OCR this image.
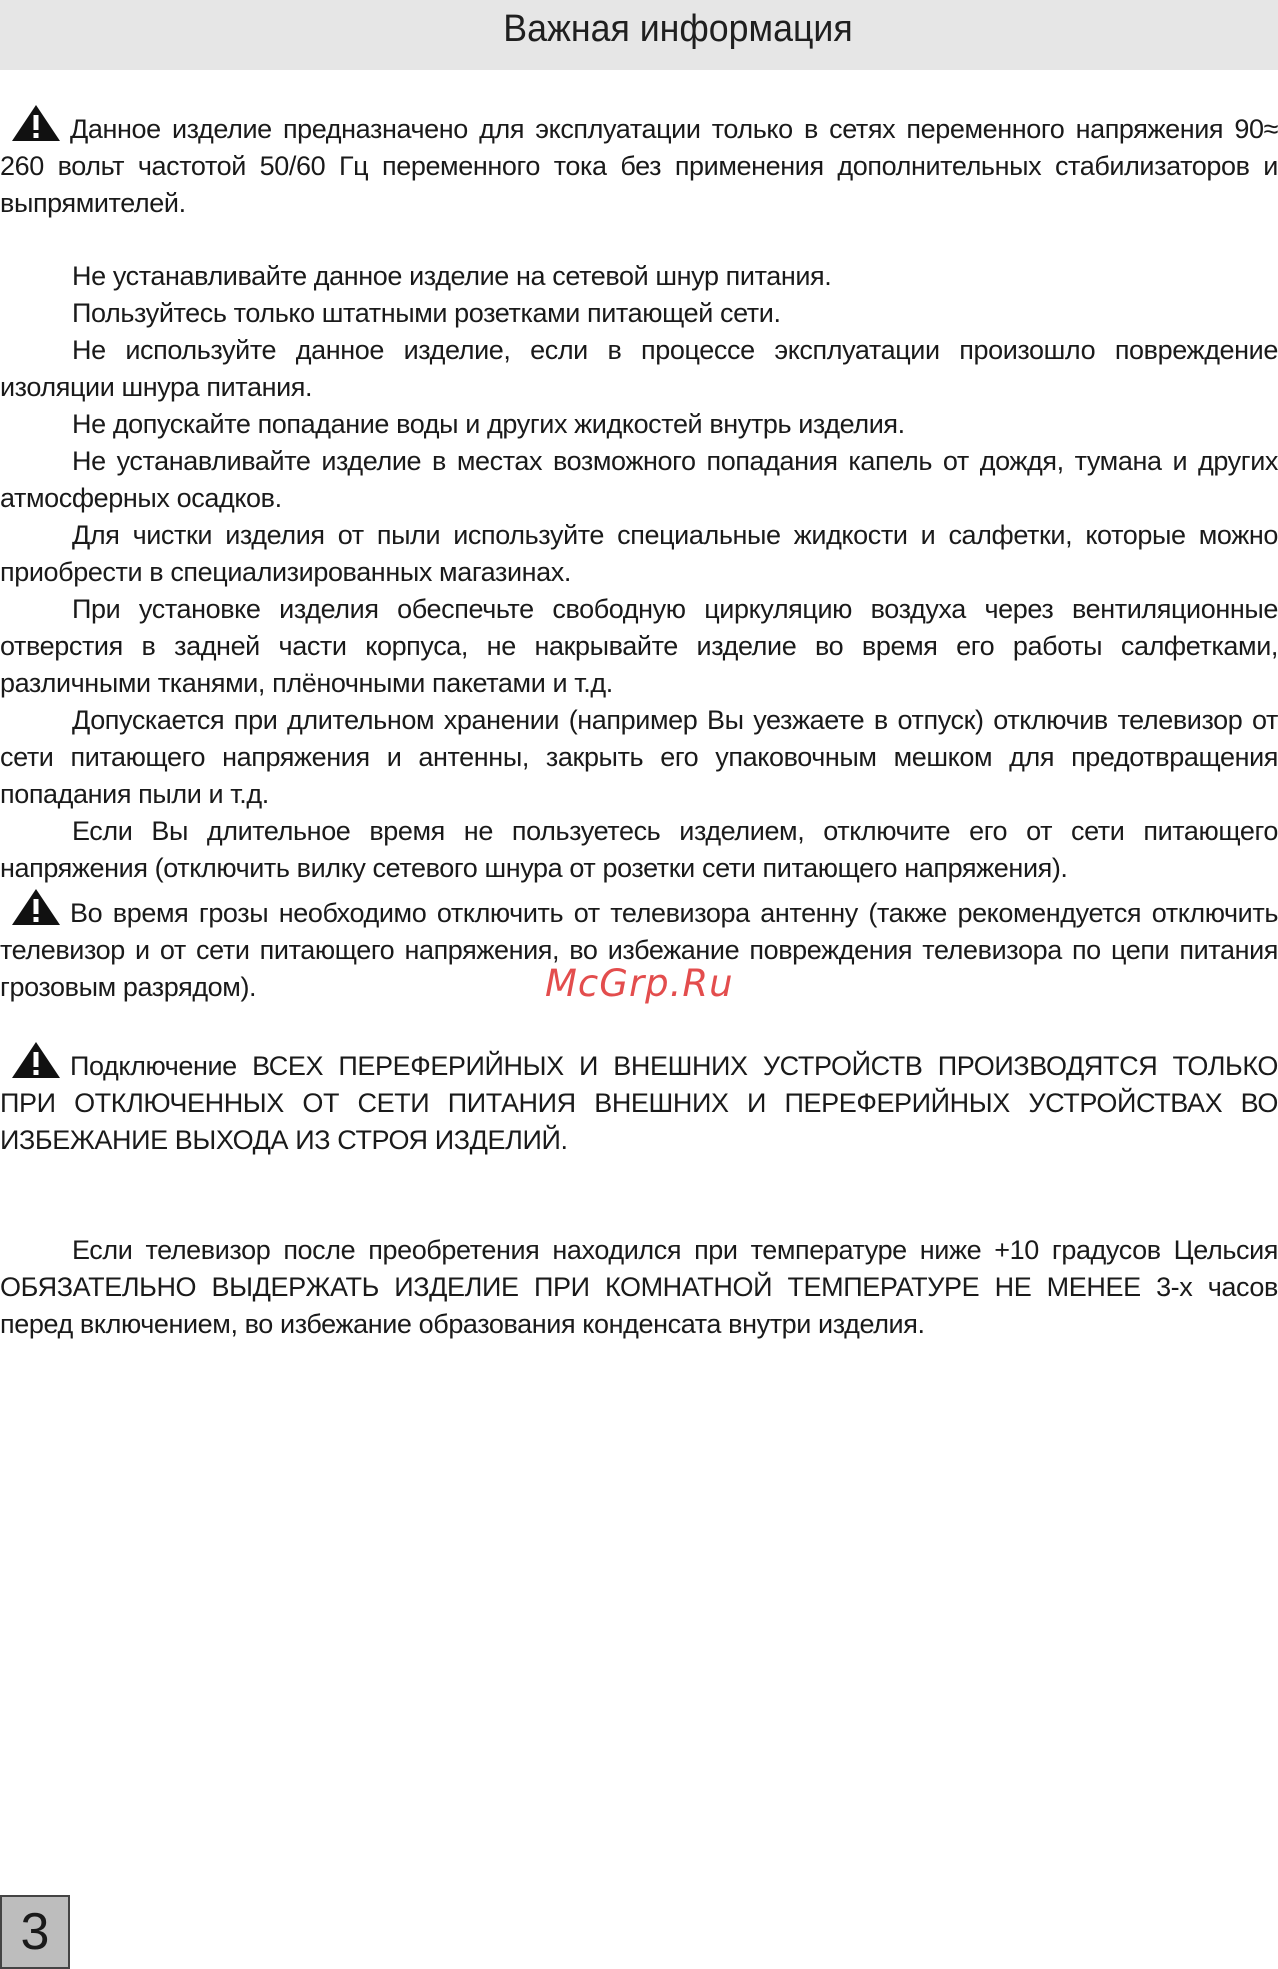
Важная информация

Данное изделие предназначено для эксплуатации только в сетях переменного напряжения 90≈ 260 вольт частотой 50/60 Гц переменного тока без применения дополнительных стабилизаторов и выпрямителей.

Не устанавливайте данное изделие на сетевой шнур питания.

Пользуйтесь только штатными розетками питающей сети.

Не используйте данное изделие, если в процессе эксплуатации произошло повреждение изоляции шнура питания.

Не допускайте попадание воды и других жидкостей внутрь изделия.

Не устанавливайте изделие в местах возможного попадания капель от дождя, тумана и других атмосферных осадков.

Для чистки изделия от пыли используйте специальные жидкости и салфетки, которые можно приобрести в специализированных магазинах.

При установке изделия обеспечьте свободную циркуляцию воздуха через вентиляционные отверстия в задней части корпуса, не накрывайте изделие во время его работы салфетками, различными тканями, плёночными пакетами и т.д.

Допускается при длительном хранении (например Вы уезжаете в отпуск) отключив телевизор от сети питающего напряжения и антенны, закрыть его упаковочным мешком для предотвращения попадания пыли и т.д.

Если Вы длительное время не пользуетесь изделием, отключите его от сети питающего напряжения (отключить вилку сетевого шнура от розетки сети питающего напряжения).

Во время грозы необходимо отключить от телевизора антенну (также рекомендуется отключить телевизор и от сети питающего напряжения, во избежание повреждения телевизора по цепи питания грозовым разрядом).

Подключение ВСЕХ ПЕРЕФЕРИЙНЫХ И ВНЕШНИХ УСТРОЙСТВ ПРОИЗВОДЯТСЯ ТОЛЬКО ПРИ ОТКЛЮЧЕННЫХ ОТ СЕТИ ПИТАНИЯ ВНЕШНИХ И ПЕРЕФЕРИЙНЫХ УСТРОЙСТВАХ ВО ИЗБЕЖАНИЕ ВЫХОДА ИЗ СТРОЯ ИЗДЕЛИЙ.

Если телевизор после преобретения находился при температуре ниже +10 градусов Цельсия ОБЯЗАТЕЛЬНО ВЫДЕРЖАТЬ ИЗДЕЛИЕ ПРИ КОМНАТНОЙ ТЕМПЕРАТУРЕ НЕ МЕНЕЕ 3-х часов перед включением, во избежание образования конденсата внутри изделия.

McGrp.Ru
3
